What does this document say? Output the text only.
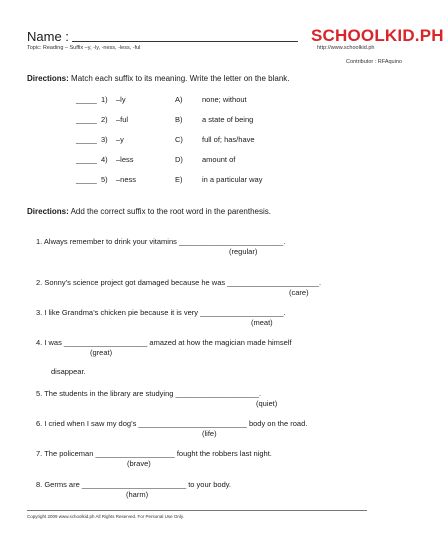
Name :
Topic: Reading – Suffix –y, -ly, -ness, -less, -ful
SCHOOLKID.PH
http://www.schoolkid.ph
Contributor : RFAquino
Directions: Match each suffix to its meaning. Write the letter on the blank.
_____ 1) –ly	A)	none; without
_____ 2) –ful	B)	a state of being
_____ 3) –y	C)	full of; has/have
_____ 4) –less	D)	amount of
_____ 5) –ness	E)	in a particular way
Directions: Add the correct suffix to the root word in the parenthesis.
1. Always remember to drink your vitamins _________________________.
(regular)
2. Sonny’s science project got damaged because he was ______________________.
(care)
3. I like Grandma’s chicken pie because it is very ____________________.
(meat)
4. I was ____________________ amazed at how the magician made himself
(great)
disappear.
5. The students in the library are studying ____________________.
(quiet)
6. I cried when I saw my dog’s __________________________ body on the road.
(life)
7. The policeman ___________________ fought the robbers last night.
(brave)
8. Germs are _________________________ to your body.
(harm)
Copyright 2009 www.schoolkid.ph All Rights Reserved. For Personal Use Only.
